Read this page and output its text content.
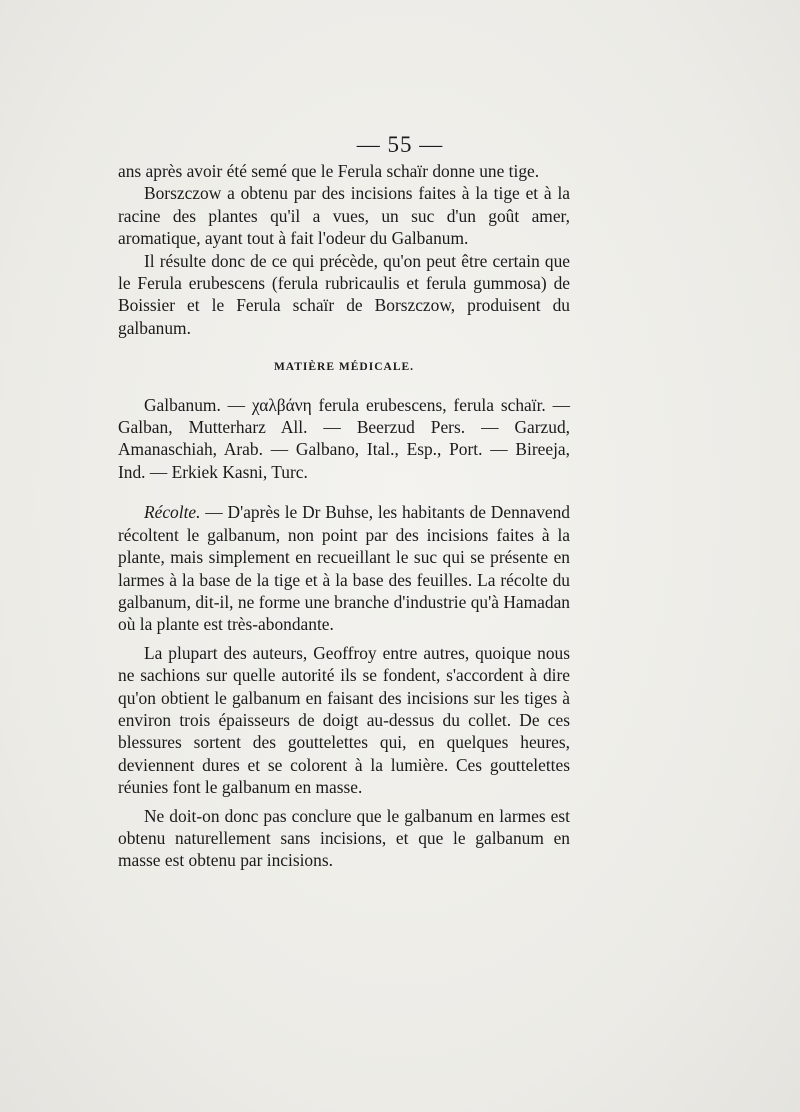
— 55 —

ans après avoir été semé que le Ferula schaïr donne une tige.

Borszczow a obtenu par des incisions faites à la tige et à la racine des plantes qu'il a vues, un suc d'un goût amer, aromatique, ayant tout à fait l'odeur du Galbanum.

Il résulte donc de ce qui précède, qu'on peut être certain que le Ferula erubescens (ferula rubricaulis et ferula gummosa) de Boissier et le Ferula schaïr de Borszczow, produisent du galbanum.

MATIÈRE MÉDICALE.

Galbanum. — χαλβάνη ferula erubescens, ferula schaïr. — Galban, Mutterharz All. — Beerzud Pers. — Garzud, Amanaschiah, Arab. — Galbano, Ital., Esp., Port. — Bireeja, Ind. — Erkiek Kasni, Turc.

Récolte. — D'après le Dr Buhse, les habitants de Dennavend récoltent le galbanum, non point par des incisions faites à la plante, mais simplement en recueillant le suc qui se présente en larmes à la base de la tige et à la base des feuilles. La récolte du galbanum, dit-il, ne forme une branche d'industrie qu'à Hamadan où la plante est très-abondante.

La plupart des auteurs, Geoffroy entre autres, quoique nous ne sachions sur quelle autorité ils se fondent, s'accordent à dire qu'on obtient le galbanum en faisant des incisions sur les tiges à environ trois épaisseurs de doigt au-dessus du collet. De ces blessures sortent des gouttelettes qui, en quelques heures, deviennent dures et se colorent à la lumière. Ces gouttelettes réunies font le galbanum en masse.

Ne doit-on donc pas conclure que le galbanum en larmes est obtenu naturellement sans incisions, et que le galbanum en masse est obtenu par incisions.
